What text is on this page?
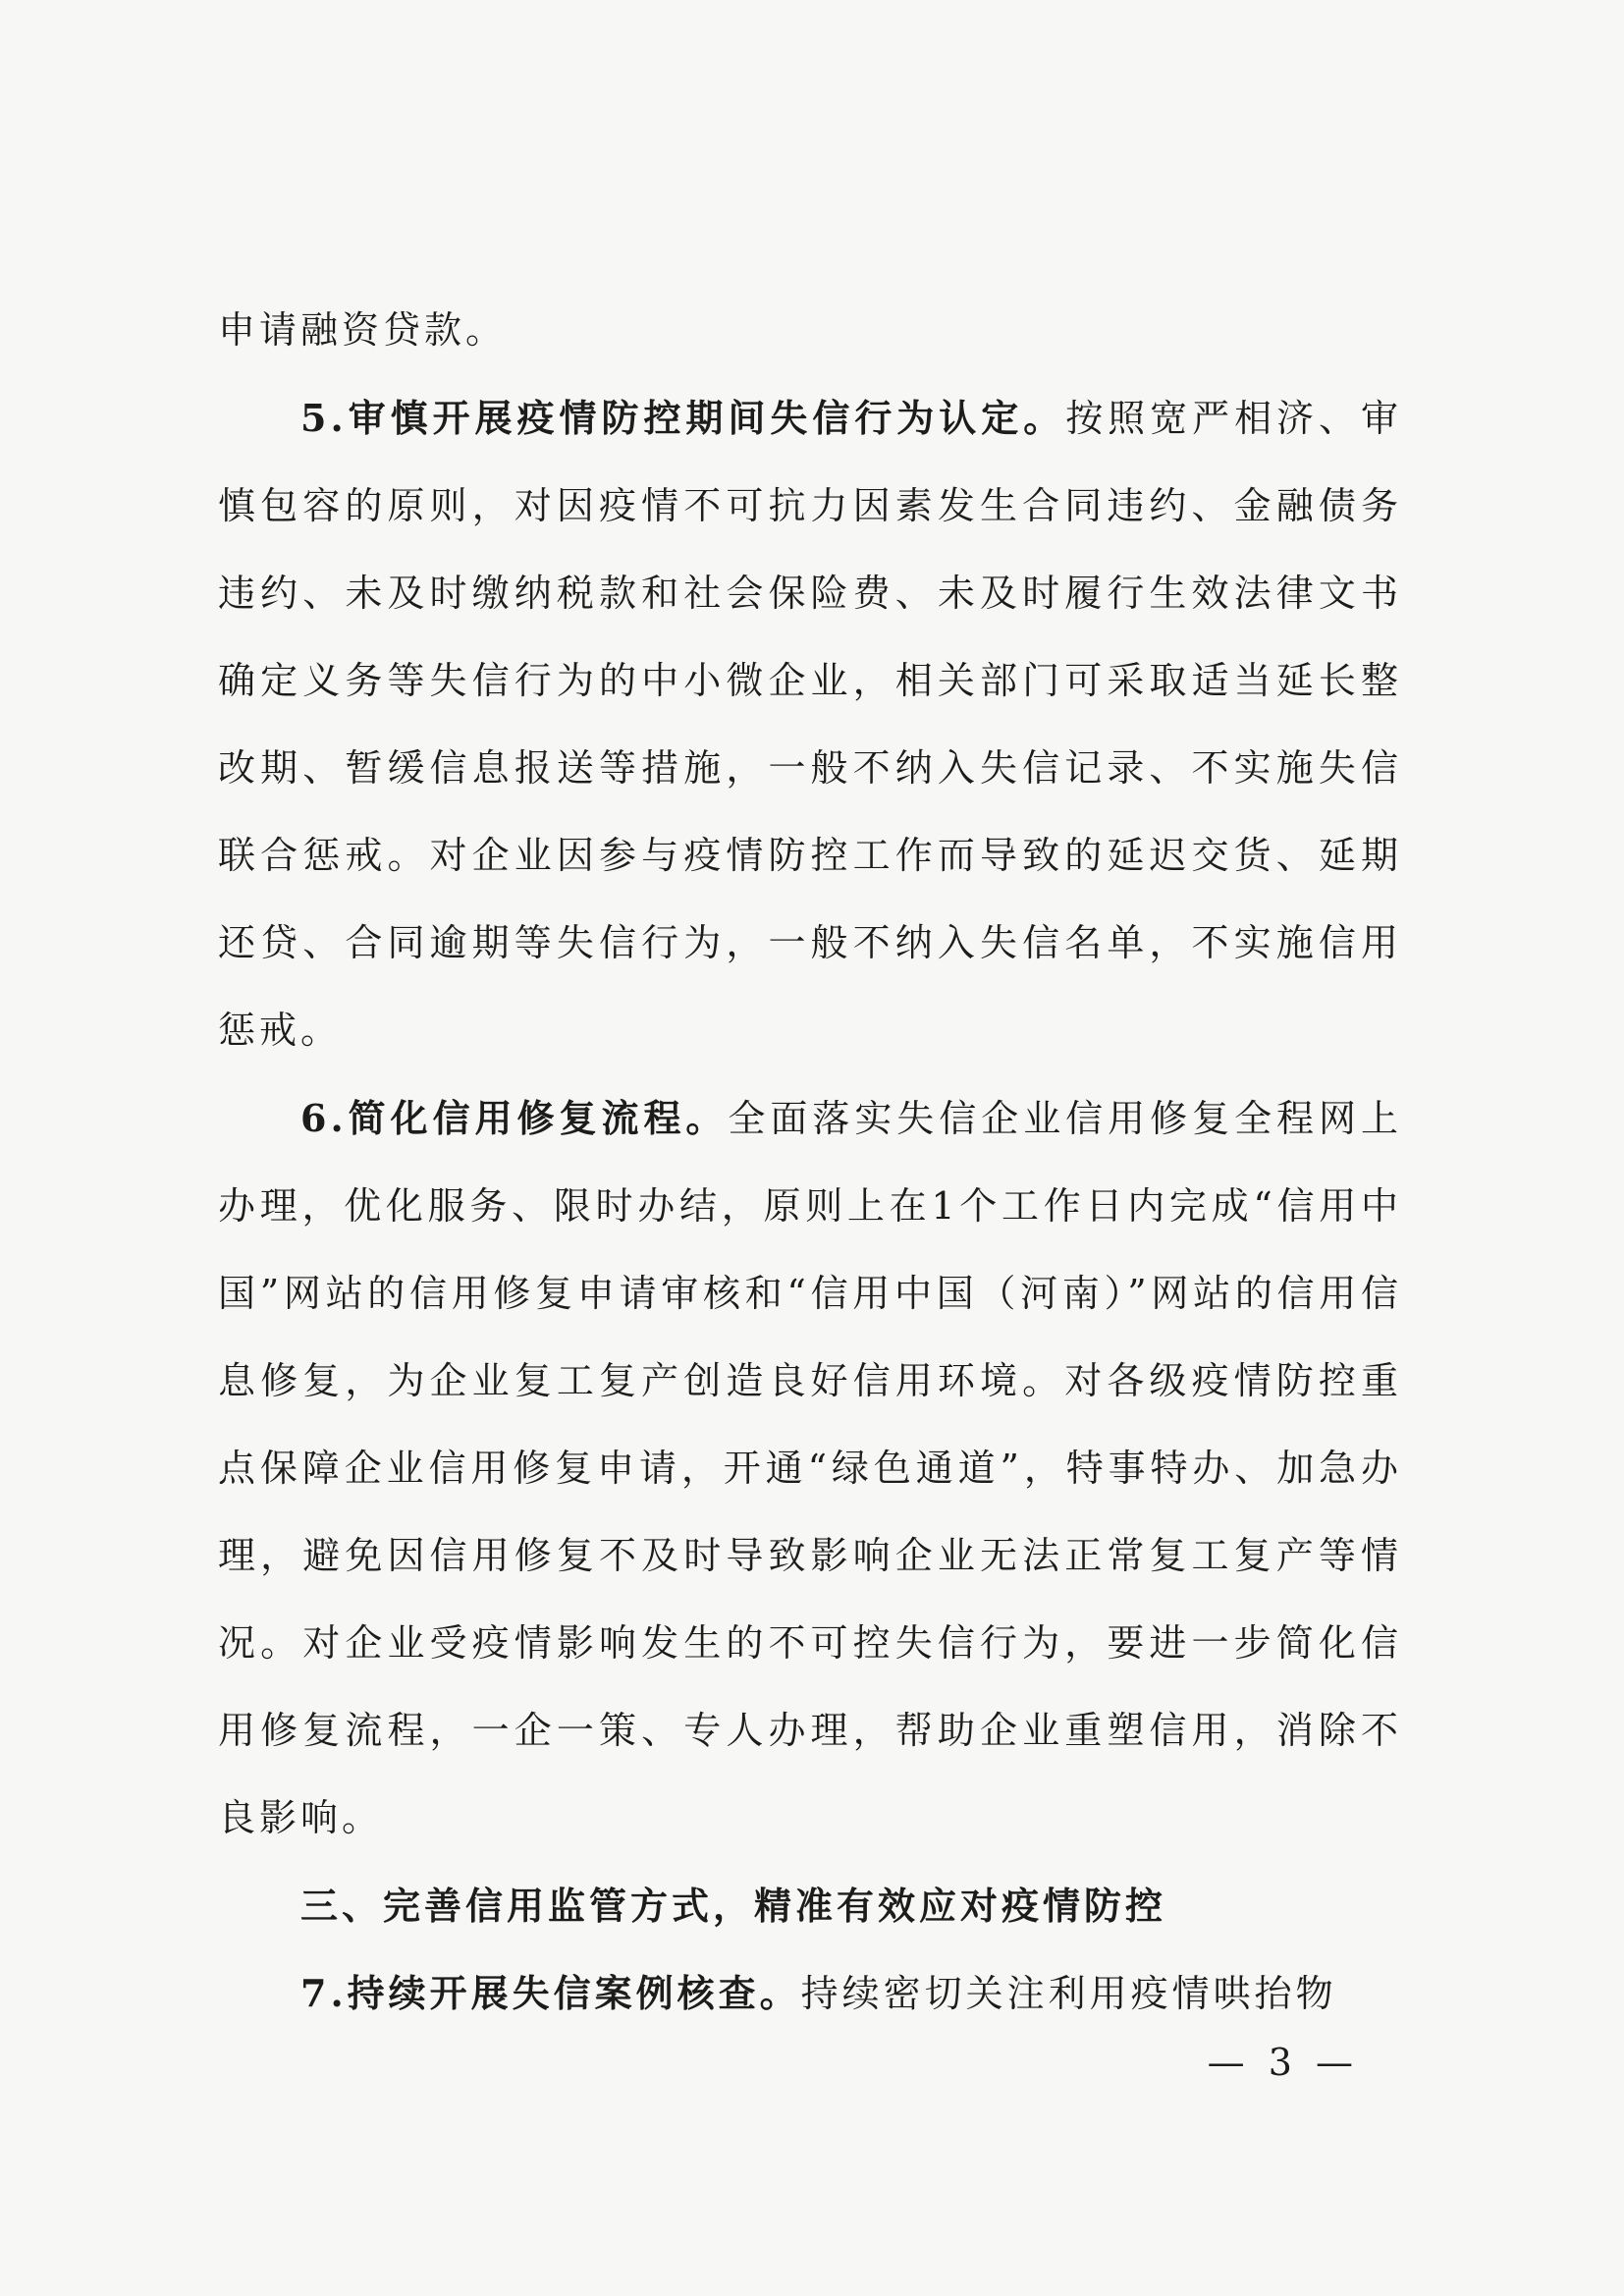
申请融资贷款。

5.审慎开展疫情防控期间失信行为认定。按照宽严相济、审慎包容的原则，对因疫情不可抗力因素发生合同违约、金融债务违约、未及时缴纳税款和社会保险费、未及时履行生效法律文书确定义务等失信行为的中小微企业，相关部门可采取适当延长整改期、暂缓信息报送等措施，一般不纳入失信记录、不实施失信联合惩戒。对企业因参与疫情防控工作而导致的延迟交货、延期还贷、合同逾期等失信行为，一般不纳入失信名单，不实施信用惩戒。

6.简化信用修复流程。全面落实失信企业信用修复全程网上办理，优化服务、限时办结，原则上在1个工作日内完成“信用中国”网站的信用修复申请审核和“信用中国（河南）”网站的信用信息修复，为企业复工复产创造良好信用环境。对各级疫情防控重点保障企业信用修复申请，开通“绿色通道”，特事特办、加急办理，避免因信用修复不及时导致影响企业无法正常复工复产等情况。对企业受疫情影响发生的不可控失信行为，要进一步简化信用修复流程，一企一策、专人办理，帮助企业重塑信用，消除不良影响。

三、完善信用监管方式，精准有效应对疫情防控

7.持续开展失信案例核查。持续密切关注利用疫情哄抬物

— 3 —
